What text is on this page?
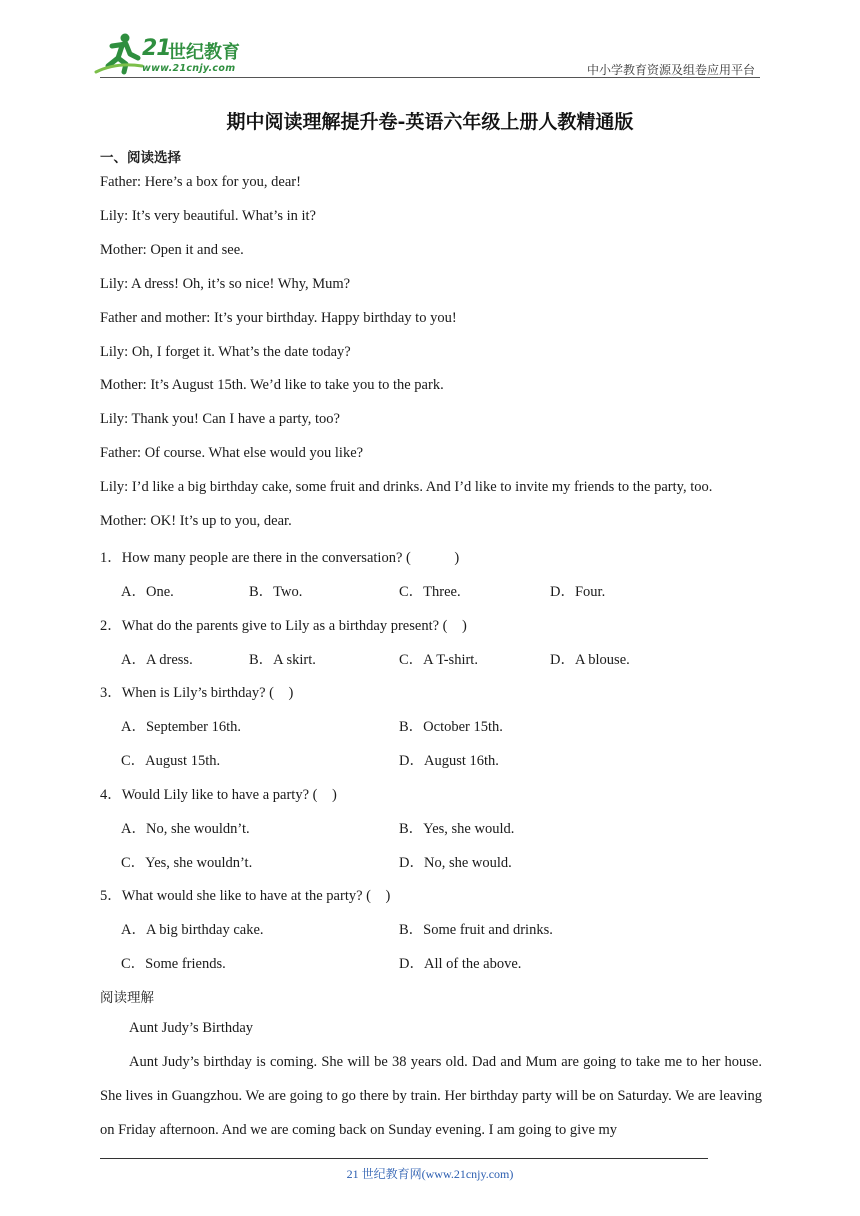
21
世纪教育
www.21cnjy.com	中小学教育资源及组卷应用平台
期中阅读理解提升卷-英语六年级上册人教精通版
一、阅读选择
Father: Here’s a box for you, dear!
Lily: It’s very beautiful. What’s in it?
Mother: Open it and see.
Lily: A dress! Oh, it’s so nice! Why, Mum?
Father and mother: It’s your birthday. Happy birthday to you!
Lily: Oh, I forget it. What’s the date today?
Mother: It’s August 15th. We’d like to take you to the park.
Lily: Thank you! Can I have a party, too?
Father: Of course. What else would you like?
Lily: I’d like a big birthday cake, some fruit and drinks. And I’d like to invite my friends to the party, too.
Mother: OK! It’s up to you, dear.
1．How many people are there in the conversation? (　　　)
A．One.	B．Two.	C．Three.	D．Four.
2．What do the parents give to Lily as a birthday present? (　)
A．A dress.	B．A skirt.	C．A T-shirt.	D．A blouse.
3．When is Lily’s birthday? (　)
A．September 16th.	B．October 15th.
C．August 15th.	D．August 16th.
4．Would Lily like to have a party? (　)
A．No, she wouldn’t.	B．Yes, she would.
C．Yes, she wouldn’t.	D．No, she would.
5．What would she like to have at the party? (　)
A．A big birthday cake.	B．Some fruit and drinks.
C．Some friends.	D．All of the above.
阅读理解
Aunt Judy’s Birthday
Aunt Judy’s birthday is coming. She will be 38 years old. Dad and Mum are going to take me to her house. She lives in Guangzhou. We are going to go there by train. Her birthday party will be on Saturday. We are leaving on Friday afternoon. And we are coming back on Sunday evening. I am going to give my
21 世纪教育网(www.21cnjy.com)
